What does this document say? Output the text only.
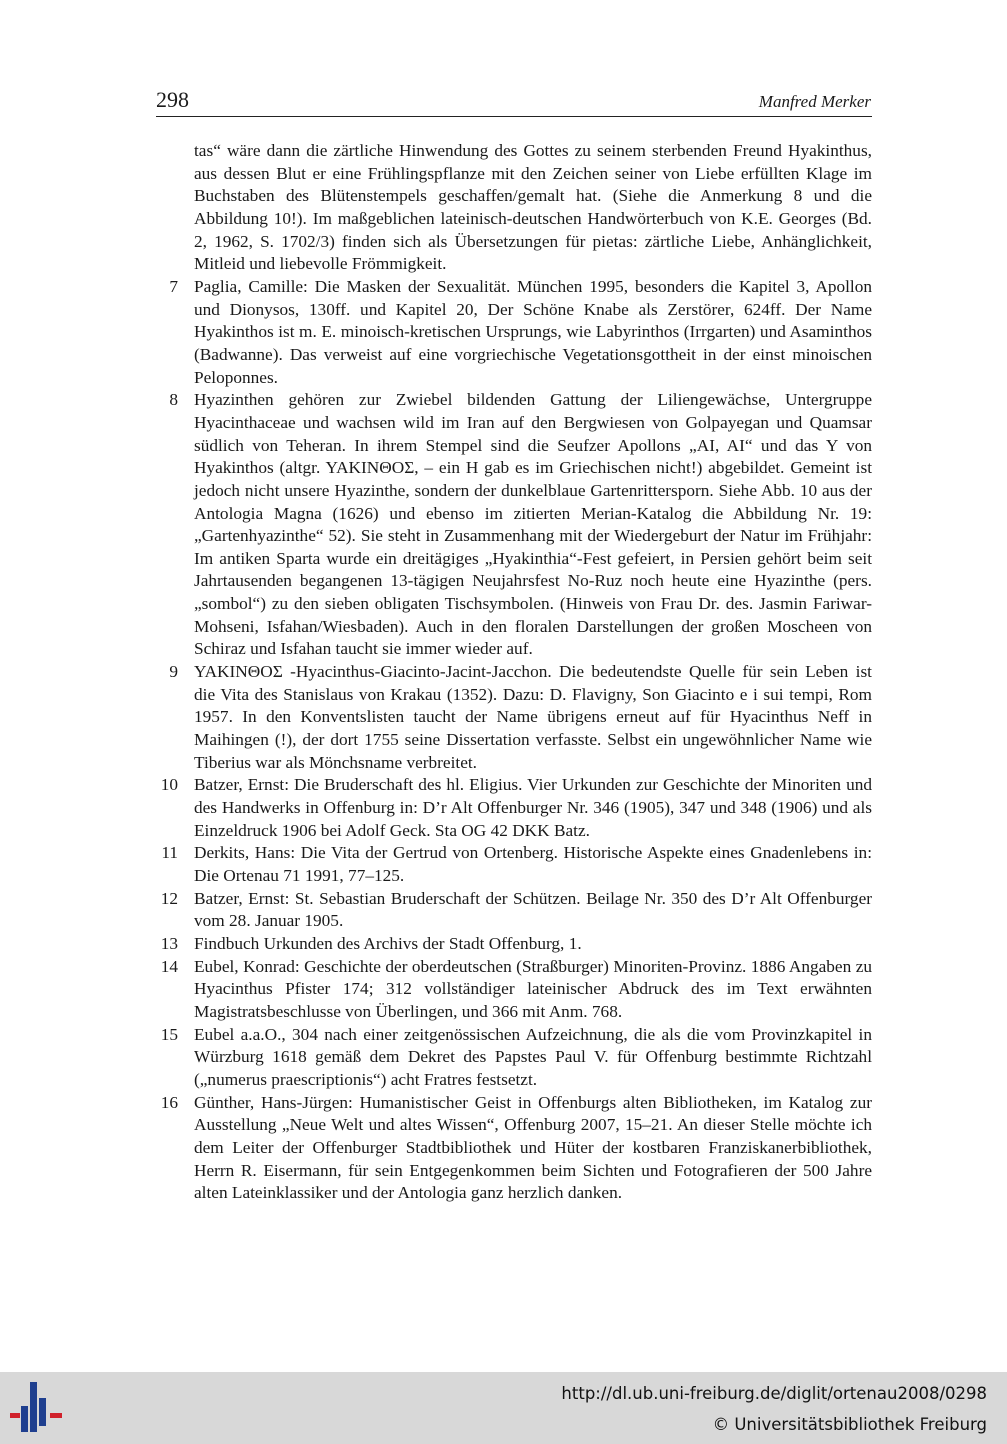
298	Manfred Merker
tas“ wäre dann die zärtliche Hinwendung des Gottes zu seinem sterbenden Freund Hyakinthus, aus dessen Blut er eine Frühlingspflanze mit den Zeichen seiner von Liebe erfüllten Klage im Buchstaben des Blütenstempels geschaffen/gemalt hat. (Siehe die Anmerkung 8 und die Abbildung 10!). Im maßgeblichen lateinisch-deutschen Handwörterbuch von K.E. Georges (Bd. 2, 1962, S. 1702/3) finden sich als Übersetzungen für pietas: zärtliche Liebe, Anhänglichkeit, Mitleid und liebevolle Frömmigkeit.
7 Paglia, Camille: Die Masken der Sexualität. München 1995, besonders die Kapitel 3, Apollon und Dionysos, 130ff. und Kapitel 20, Der Schöne Knabe als Zerstörer, 624ff. Der Name Hyakinthos ist m. E. minoisch-kretischen Ursprungs, wie Labyrinthos (Irrgarten) und Asaminthos (Badwanne). Das verweist auf eine vorgriechische Vegetationsgottheit in der einst minoischen Peloponnes.
8 Hyazinthen gehören zur Zwiebel bildenden Gattung der Liliengewächse, Untergruppe Hyacinthaceae und wachsen wild im Iran auf den Bergwiesen von Golpayegan und Quamsar südlich von Teheran. In ihrem Stempel sind die Seufzer Apollons „AI, AI“ und das Y von Hyakinthos (altgr. YAKINΘOΣ, – ein H gab es im Griechischen nicht!) abgebildet. Gemeint ist jedoch nicht unsere Hyazinthe, sondern der dunkelblaue Gartenrittersporn. Siehe Abb. 10 aus der Antologia Magna (1626) und ebenso im zitierten Merian-Katalog die Abbildung Nr. 19: „Gartenhyazinthe“ 52). Sie steht in Zusammenhang mit der Wiedergeburt der Natur im Frühjahr: Im antiken Sparta wurde ein dreitägiges „Hyakinthia“-Fest gefeiert, in Persien gehört beim seit Jahrtausenden begangenen 13-tägigen Neujahrsfest No-Ruz noch heute eine Hyazinthe (pers. „sombol“) zu den sieben obligaten Tischsymbolen. (Hinweis von Frau Dr. des. Jasmin Fariwar-Mohseni, Isfahan/Wiesbaden). Auch in den floralen Darstellungen der großen Moscheen von Schiraz und Isfahan taucht sie immer wieder auf.
9 YAKINΘOΣ -Hyacinthus-Giacinto-Jacint-Jacchon. Die bedeutendste Quelle für sein Leben ist die Vita des Stanislaus von Krakau (1352). Dazu: D. Flavigny, Son Giacinto e i sui tempi, Rom 1957. In den Konventslisten taucht der Name übrigens erneut auf für Hyacinthus Neff in Maihingen (!), der dort 1755 seine Dissertation verfasste. Selbst ein ungewöhnlicher Name wie Tiberius war als Mönchsname verbreitet.
10 Batzer, Ernst: Die Bruderschaft des hl. Eligius. Vier Urkunden zur Geschichte der Minoriten und des Handwerks in Offenburg in: D’r Alt Offenburger Nr. 346 (1905), 347 und 348 (1906) und als Einzeldruck 1906 bei Adolf Geck. Sta OG 42 DKK Batz.
11 Derkits, Hans: Die Vita der Gertrud von Ortenberg. Historische Aspekte eines Gnadenlebens in: Die Ortenau 71 1991, 77–125.
12 Batzer, Ernst: St. Sebastian Bruderschaft der Schützen. Beilage Nr. 350 des D’r Alt Offenburger vom 28. Januar 1905.
13 Findbuch Urkunden des Archivs der Stadt Offenburg, 1.
14 Eubel, Konrad: Geschichte der oberdeutschen (Straßburger) Minoriten-Provinz. 1886 Angaben zu Hyacinthus Pfister 174; 312 vollständiger lateinischer Abdruck des im Text erwähnten Magistratsbeschlusse von Überlingen, und 366 mit Anm. 768.
15 Eubel a.a.O., 304 nach einer zeitgenössischen Aufzeichnung, die als die vom Provinzkapitel in Würzburg 1618 gemäß dem Dekret des Papstes Paul V. für Offenburg bestimmte Richtzahl („numerus praescriptionis“) acht Fratres festsetzt.
16 Günther, Hans-Jürgen: Humanistischer Geist in Offenburgs alten Bibliotheken, im Katalog zur Ausstellung „Neue Welt und altes Wissen“, Offenburg 2007, 15–21. An dieser Stelle möchte ich dem Leiter der Offenburger Stadtbibliothek und Hüter der kostbaren Franziskanerbibliothek, Herrn R. Eisermann, für sein Entgegenkommen beim Sichten und Fotografieren der 500 Jahre alten Lateinklassiker und der Antologia ganz herzlich danken.
http://dl.ub.uni-freiburg.de/diglit/ortenau2008/0298
© Universitätsbibliothek Freiburg
